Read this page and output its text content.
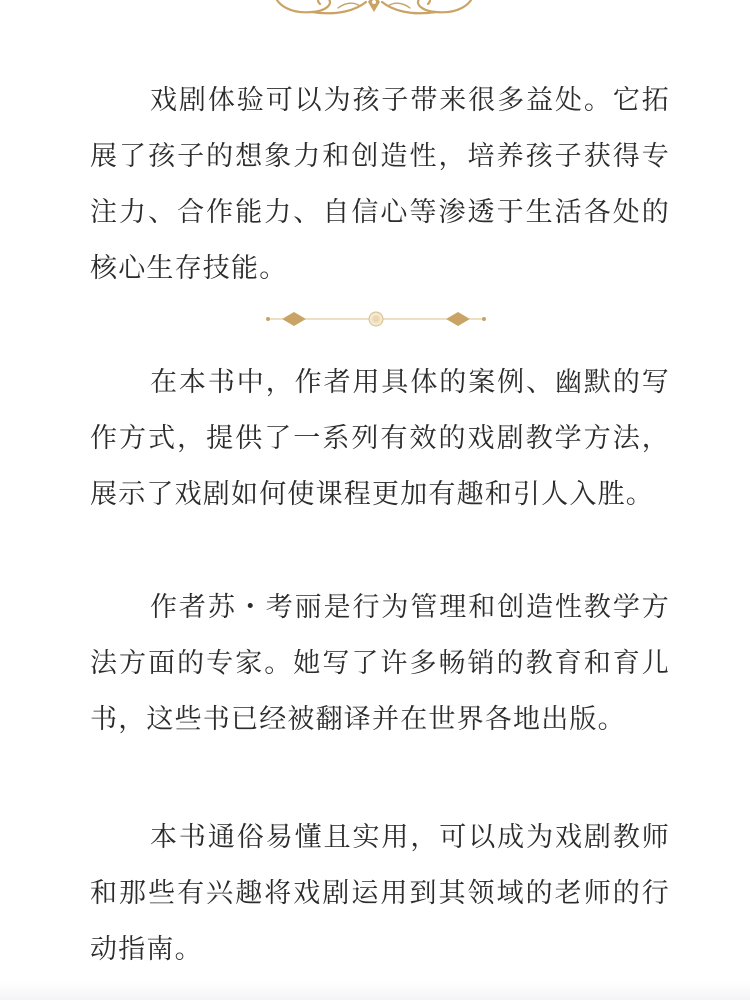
戏剧体验可以为孩子带来很多益处。它拓展了孩子的想象力和创造性，培养孩子获得专注力、合作能力、自信心等渗透于生活各处的核心生存技能。

在本书中，作者用具体的案例、幽默的写作方式，提供了一系列有效的戏剧教学方法，展示了戏剧如何使课程更加有趣和引人入胜。

作者苏・考丽是行为管理和创造性教学方法方面的专家。她写了许多畅销的教育和育儿书，这些书已经被翻译并在世界各地出版。

本书通俗易懂且实用，可以成为戏剧教师和那些有兴趣将戏剧运用到其领域的老师的行动指南。
